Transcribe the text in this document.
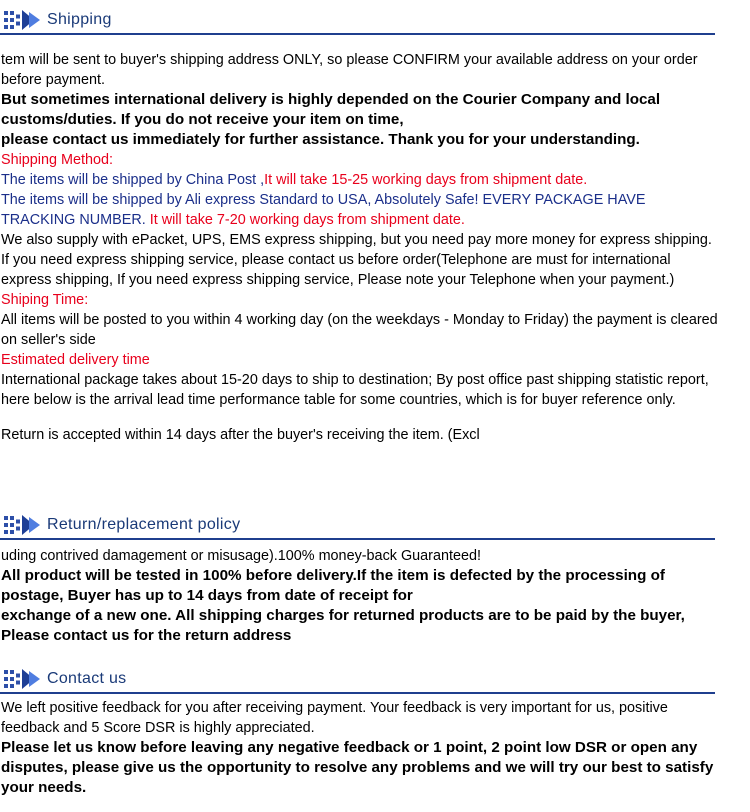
Shipping

tem will be sent to buyer's shipping address ONLY, so please CONFIRM your available address on your order before payment.

But sometimes international delivery is highly depended on the Courier Company and local customs/duties. If you do not receive your item on time,

please contact us immediately for further assistance. Thank you for your understanding.

Shipping Method:

The items will be shipped by China Post ,It will take 15-25 working days from shipment date.

The items will be shipped by Ali express Standard to USA, Absolutely Safe! EVERY PACKAGE HAVE TRACKING NUMBER. It will take 7-20 working days from shipment date.

We also supply with ePacket, UPS, EMS express shipping, but you need pay more money for express shipping. If you need express shipping service, please contact us before order(Telephone are must for international express shipping, If you need express shipping service, Please note your Telephone when your payment.)

Shiping Time:

All items will be posted to you within 4 working day (on the weekdays - Monday to Friday) the payment is cleared on seller's side

Estimated delivery time

International package takes about 15-20 days to ship to destination; By post office past shipping statistic report, here below is the arrival lead time performance table for some countries, which is for buyer reference only.

Return is accepted within 14 days after the buyer's receiving the item. (Excl

Return/replacement policy

uding contrived damagement or misusage).100% money-back Guaranteed!

All product will be tested in 100% before delivery.If the item is defected by the processing of postage, Buyer has up to 14 days from date of receipt for

exchange of a new one. All shipping charges for returned products are to be paid by the buyer, Please contact us for the return address

Contact us

We left positive feedback for you after receiving payment. Your feedback is very important for us, positive feedback and 5 Score DSR is highly appreciated.

Please let us know before leaving any negative feedback or 1 point, 2 point low DSR or open any disputes, please give us the opportunity to resolve any problems and we will try our best to satisfy your needs.
